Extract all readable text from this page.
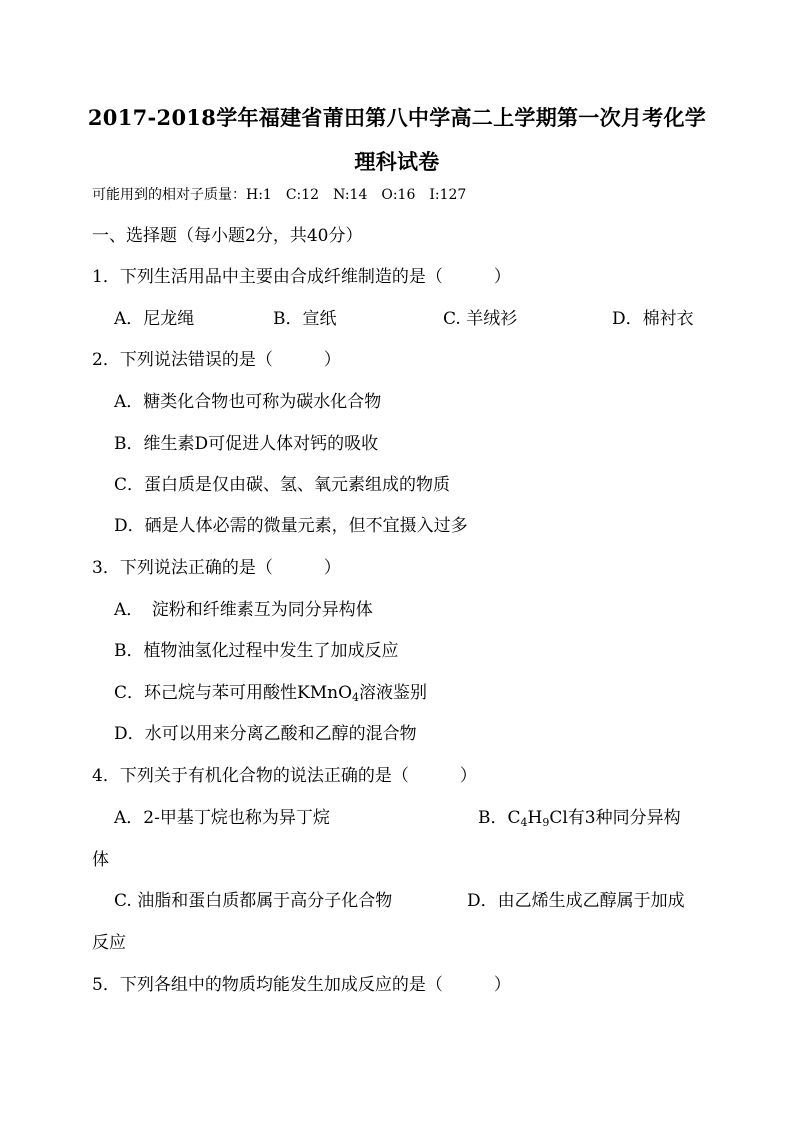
2017-2018学年福建省莆田第八中学高二上学期第一次月考化学
理科试卷
可能用到的相对子质量：H:1　C:12　N:14　O:16　I:127
一、选择题（每小题2分，共40分）
1．下列生活用品中主要由合成纤维制造的是（　　　）
A．尼龙绳	B．宣纸	C. 羊绒衫	D．棉衬衣
2．下列说法错误的是（　　　）
A．糖类化合物也可称为碳水化合物
B．维生素D可促进人体对钙的吸收
C．蛋白质是仅由碳、氢、氧元素组成的物质
D．硒是人体必需的微量元素，但不宜摄入过多
3．下列说法正确的是（　　　）
A．　淀粉和纤维素互为同分异构体
B．植物油氢化过程中发生了加成反应
C．环己烷与苯可用酸性KMnO$_4$溶液鉴别
D．水可以用来分离乙酸和乙醇的混合物
4．下列关于有机化合物的说法正确的是（　　　）
A．2-甲基丁烷也称为异丁烷	B．$C_4H_9Cl$有3种同分异构
体
C. 油脂和蛋白质都属于高分子化合物	D．由乙烯生成乙醇属于加成
反应
5．下列各组中的物质均能发生加成反应的是（　　　）
